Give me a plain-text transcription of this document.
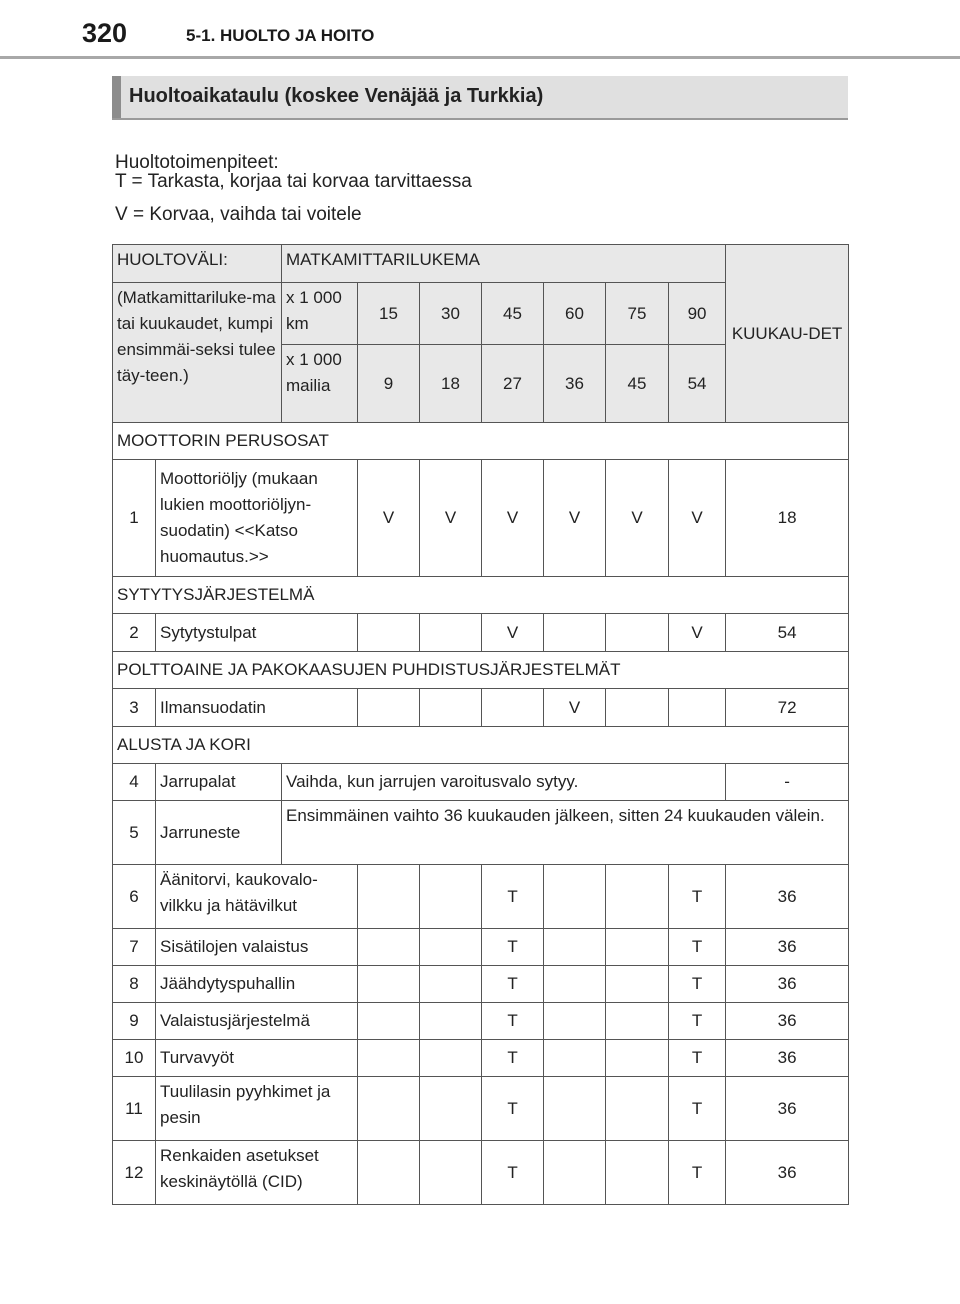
320	5-1. HUOLTO JA HOITO
Huoltoaikataulu (koskee Venäjää ja Turkkia)
Huoltotoimenpiteet:
T = Tarkasta, korjaa tai korvaa tarvittaessa
V = Korvaa, vaihda tai voitele
HUOLTOVÄLI:		MATKAMITTARILUKEMA							KUUKAU-DET
(Matkamittariluke-ma tai kuukaudet, kumpi ensimmäi-seksi tulee täy-teen.)		x 1 000 km	15	30	45	60	75	90	
		x 1 000 mailia	9	18	27	36	45	54	
MOOTTORIN PERUSOSAT									
1	Moottoriöljy (mukaan lukien moottoriöljyn-suodatin) <<Katso huomautus.>>		V	V	V	V	V	V	18
SYTYTYSJÄRJESTELMÄ									
2	Sytytystulpat				V			V	54
POLTTOAINE JA PAKOKAASUJEN PUHDISTUSJÄRJESTELMÄT									
3	Ilmansuodatin					V			72
ALUSTA JA KORI									
4	Jarrupalat	Vaihda, kun jarrujen varoitusvalo sytyy.							-
5	Jarruneste	Ensimmäinen vaihto 36 kuukauden jälkeen, sitten 24 kuukauden välein.							
6	Äänitorvi, kaukovalo-vilkku ja hätävilkut				T			T	36
7	Sisätilojen valaistus				T			T	36
8	Jäähdytyspuhallin				T			T	36
9	Valaistusjärjestelmä				T			T	36
10	Turvavyöt				T			T	36
11	Tuulilasin pyyhkimet ja pesin				T			T	36
12	Renkaiden asetukset keskinäytöllä (CID)				T			T	36
